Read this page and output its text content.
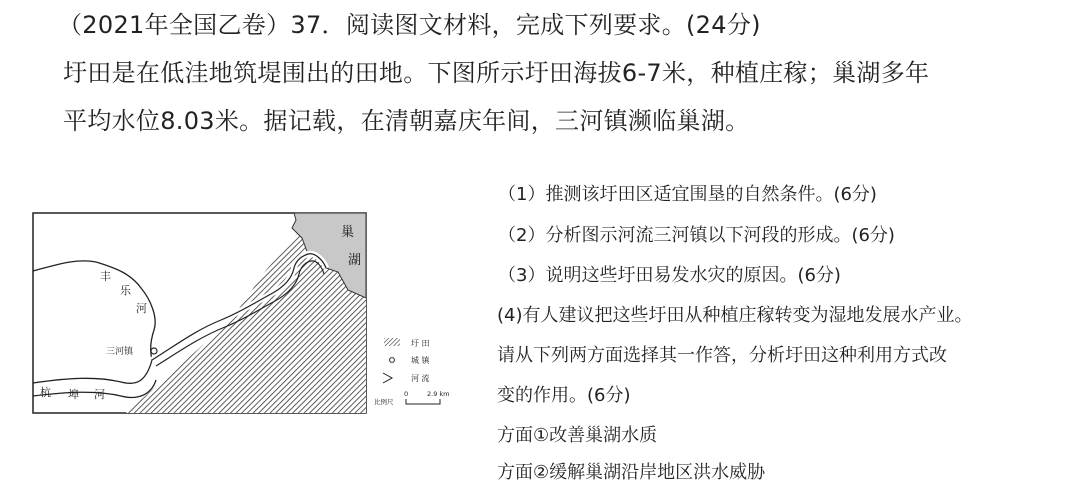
（2021年全国乙卷）37．阅读图文材料，完成下列要求。(24分)
圩田是在低洼地筑堤围出的田地。下图所示圩田海拔6-7米，种植庄稼；巢湖多年
平均水位8.03米。据记载，在清朝嘉庆年间，三河镇濒临巢湖。
巢
湖
丰
乐
河
三河镇
杭 埠 河
圩 田
城 镇
河 流
比例尺
0	2.9 km
（1）推测该圩田区适宜围垦的自然条件。(6分)
（2）分析图示河流三河镇以下河段的形成。(6分)
（3）说明这些圩田易发水灾的原因。(6分)
(4)有人建议把这些圩田从种植庄稼转变为湿地发展水产业。
请从下列两方面选择其一作答，分析圩田这种利用方式改
变的作用。(6分)
方面①改善巢湖水质
方面②缓解巢湖沿岸地区洪水威胁
